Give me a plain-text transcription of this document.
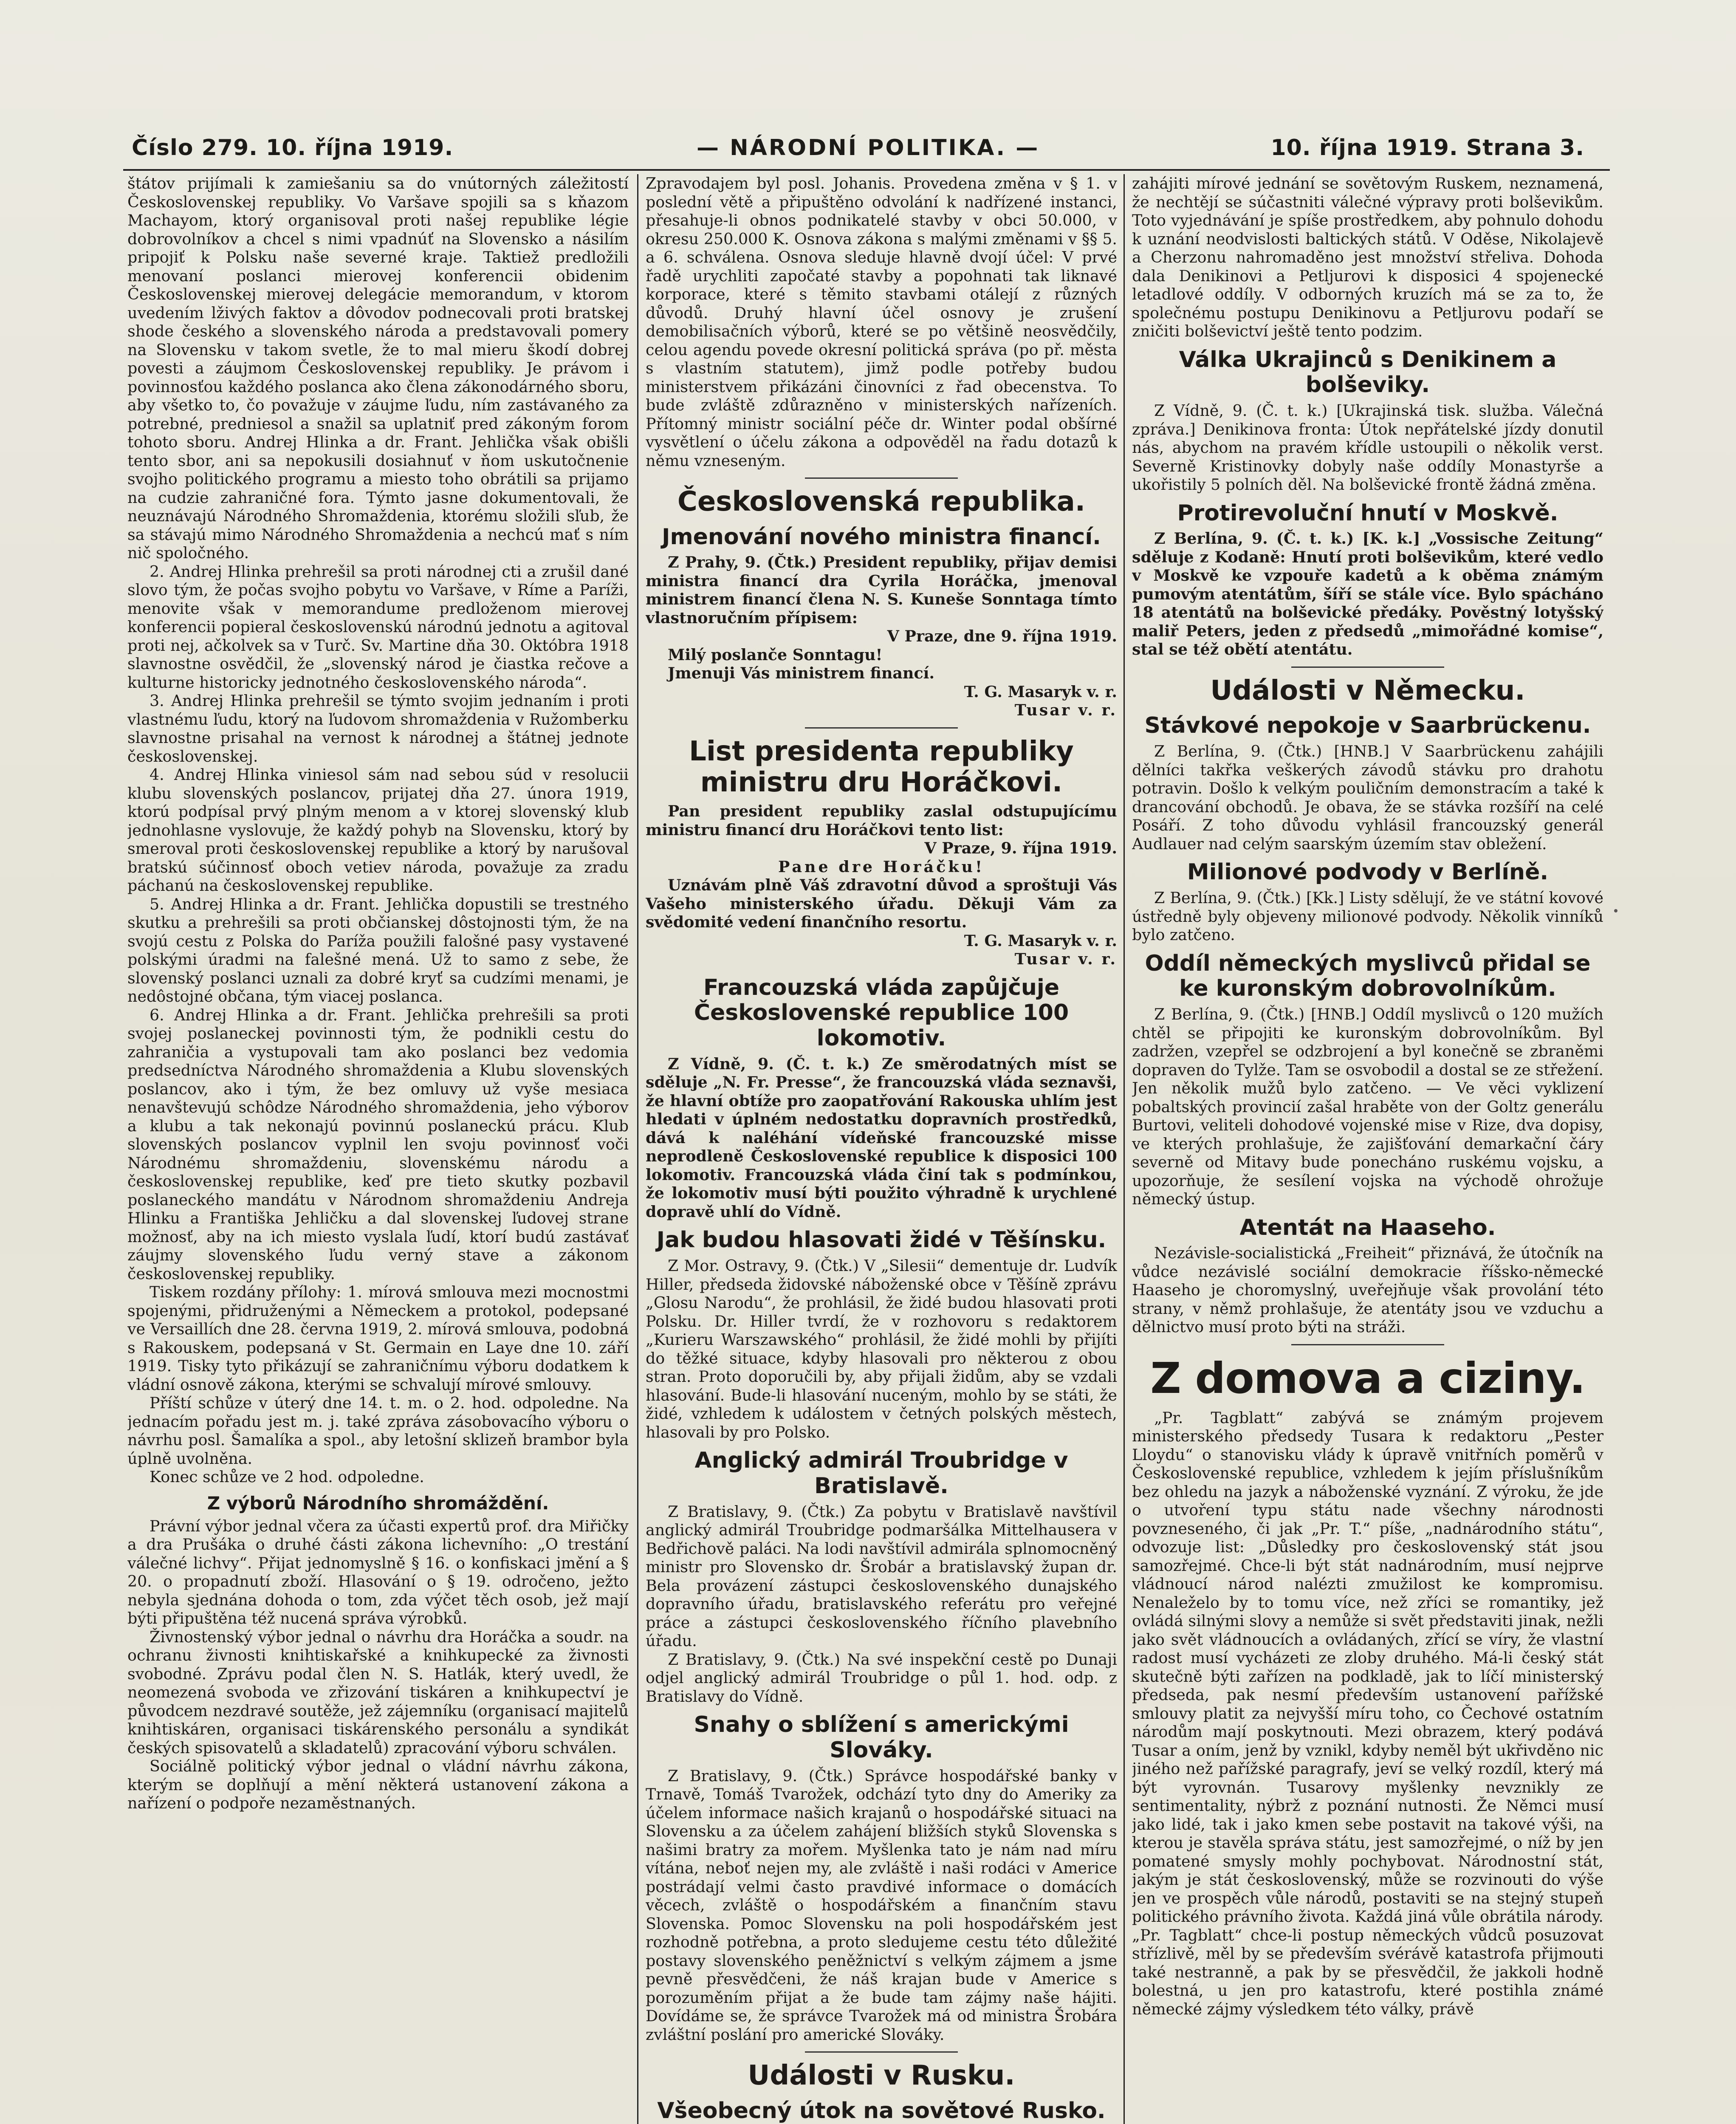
Číslo 279. 10. října 1919.	— NÁRODNÍ POLITIKA. —	10. října 1919. Strana 3.

štátov prijímali k zamiešaniu sa do vnútorných záležitostí Československej republiky. Vo Varšave spojili sa s kňazom Machayom, ktorý organisoval proti našej republike légie dobrovolníkov a chcel s nimi vpadnúť na Slovensko a násilím pripojiť k Polsku naše severné kraje. Taktiež predložili menovaní poslanci mierovej konferencii obidenim Československej mierovej delegácie memorandum, v ktorom uvedením lživých faktov a dôvodov podnecovali proti bratskej shode českého a slovenského národa a predstavovali pomery na Slovensku v takom svetle, že to mal mieru škodí dobrej povesti a záujmom Československej republiky. Je právom i povinnosťou každého poslanca ako člena zákonodárného sboru, aby všetko to, čo považuje v záujme ľudu, ním zastávaného za potrebné, predniesol a snažil sa uplatniť pred zákoným forom tohoto sboru. Andrej Hlinka a dr. Frant. Jehlička však obišli tento sbor, ani sa nepokusili dosiahnuť v ňom uskutočnenie svojho politického programu a miesto toho obrátili sa prijamo na cudzie zahraničné fora. Týmto jasne dokumentovali, že neuznávajú Národného Shromaždenia, ktorému složili sľub, že sa stávajú mimo Národného Shromaždenia a nechcú mať s ním nič spoločného.

2. Andrej Hlinka prehrešil sa proti národnej cti a zrušil dané slovo tým, že počas svojho pobytu vo Varšave, v Ríme a Paríži, menovite však v memorandume predloženom mierovej konferencii popieral československú národnú jednotu a agitoval proti nej, ačkolvek sa v Turč. Sv. Martine dňa 30. Októbra 1918 slavnostne osvědčil, že „slovenský národ je čiastka rečove a kulturne historicky jednotného československého národa“.

3. Andrej Hlinka prehrešil se týmto svojim jednaním i proti vlastnému ľudu, ktorý na ľudovom shromaždenia v Ružomberku slavnostne prisahal na vernost k národnej a štátnej jednote československej.

4. Andrej Hlinka viniesol sám nad sebou súd v resolucii klubu slovenských poslancov, prijatej dňa 27. února 1919, ktorú podpísal prvý plným menom a v ktorej slovenský klub jednohlasne vyslovuje, že každý pohyb na Slovensku, ktorý by smeroval proti československej republike a ktorý by narušoval bratskú súčinnosť oboch vetiev národa, považuje za zradu páchanú na československej republike.

5. Andrej Hlinka a dr. Frant. Jehlička dopustili se trestného skutku a prehrešili sa proti občianskej dôstojnosti tým, že na svojú cestu z Polska do Paríža použili falošné pasy vystavené polskými úradmi na falešné mená. Už to samo z sebe, že slovenský poslanci uznali za dobré kryť sa cudzími menami, je nedôstojné občana, tým viacej poslanca.

6. Andrej Hlinka a dr. Frant. Jehlička prehrešili sa proti svojej poslaneckej povinnosti tým, že podnikli cestu do zahraničia a vystupovali tam ako poslanci bez vedomia predsedníctva Národného shromaždenia a Klubu slovenských poslancov, ako i tým, že bez omluvy už vyše mesiaca nenavštevujú schôdze Národného shromaždenia, jeho výborov a klubu a tak nekonajú povinnú poslaneckú prácu. Klub slovenských poslancov vyplnil len svoju povinnosť voči Národnému shromaždeniu, slovenskému národu a československej republike, keď pre tieto skutky pozbavil poslaneckého mandátu v Národnom shromaždeniu Andreja Hlinku a Františka Jehličku a dal slovenskej ľudovej strane možnosť, aby na ich miesto vyslala ľudí, ktorí budú zastávať záujmy slovenského ľudu verný stave a zákonom československej republiky.

Tiskem rozdány přílohy: 1. mírová smlouva mezi mocnostmi spojenými, přidruženými a Německem a protokol, podepsané ve Versaillích dne 28. června 1919, 2. mírová smlouva, podobná s Rakouskem, podepsaná v St. Germain en Laye dne 10. září 1919. Tisky tyto přikázují se zahraničnímu výboru dodatkem k vládní osnově zákona, kterými se schvalují mírové smlouvy.

Příští schůze v úterý dne 14. t. m. o 2. hod. odpoledne. Na jednacím pořadu jest m. j. také zpráva zásobovacího výboru o návrhu posl. Šamalíka a spol., aby letošní sklizeň brambor byla úplně uvolněna.

Konec schůze ve 2 hod. odpoledne.

Z výborů Národního shromáždění.

Právní výbor jednal včera za účasti expertů prof. dra Miřičky a dra Prušáka o druhé části zákona lichevního: „O trestání válečné lichvy“. Přijat jednomyslně § 16. o konfiskaci jmění a § 20. o propadnutí zboží. Hlasování o § 19. odročeno, ježto nebyla sjednána dohoda o tom, zda výčet těch osob, jež mají býti připuštěna též nucená správa výrobků.

Živnostenský výbor jednal o návrhu dra Horáčka a soudr. na ochranu živnosti knihtiskařské a knihkupecké za živnosti svobodné. Zprávu podal člen N. S. Hatlák, který uvedl, že neomezená svoboda ve zřizování tiskáren a knihkupectví je původcem nezdravé soutěže, jež zájemníku (organisací majitelů knihtiskáren, organisaci tiskárenského personálu a syndikát českých spisovatelů a skladatelů) zpracování výboru schválen.

Sociálně politický výbor jednal o vládní návrhu zákona, kterým se doplňují a mění některá ustanovení zákona a nařízení o podpoře nezaměstnaných.

Zpravodajem byl posl. Johanis. Provedena změna v § 1. v poslední větě a připuštěno odvolání k nadřízené instanci, přesahuje-li obnos podnikatelé stavby v obci 50.000, v okresu 250.000 K. Osnova zákona s malými změnami v §§ 5. a 6. schválena. Osnova sleduje hlavně dvojí účel: V prvé řadě urychliti započaté stavby a popohnati tak liknavé korporace, které s těmito stavbami otálejí z různých důvodů. Druhý hlavní účel osnovy je zrušení demobilisačních výborů, které se po většině neosvědčily, celou agendu povede okresní politická správa (po př. města s vlastním statutem), jimž podle potřeby budou ministerstvem přikázáni činovníci z řad obecenstva. To bude zvláště zdůrazněno v ministerských nařízeních. Přítomný ministr sociální péče dr. Winter podal obšírné vysvětlení o účelu zákona a odpověděl na řadu dotazů k němu vzneseným.

Československá republika.
Jmenování nového ministra financí.

Z Prahy, 9. (Čtk.) President republiky, přijav demisi ministra financí dra Cyrila Horáčka, jmenoval ministrem financí člena N. S. Kuneše Sonntaga tímto vlastnoručním přípisem:

V Praze, dne 9. října 1919.

Milý poslanče Sonntagu!

Jmenuji Vás ministrem financí.

T. G. Masaryk v. r.

Tusar v. r.

List presidenta republiky ministru dru Horáčkovi.

Pan president republiky zaslal odstupujícímu ministru financí dru Horáčkovi tento list:

V Praze, 9. října 1919.

Pane dre Horáčku!

Uznávám plně Váš zdravotní důvod a sproštuji Vás Vašeho ministerského úřadu. Děkuji Vám za svědomité vedení finančního resortu.

T. G. Masaryk v. r.

Tusar v. r.

Francouzská vláda zapůjčuje Československé republice 100 lokomotiv.

Z Vídně, 9. (Č. t. k.) Ze směrodatných míst se sděluje „N. Fr. Presse“, že francouzská vláda seznavši, že hlavní obtíže pro zaopatřování Rakouska uhlím jest hledati v úplném nedostatku dopravních prostředků, dává k naléhání vídeňské francouzské misse neprodleně Československé republice k disposici 100 lokomotiv. Francouzská vláda činí tak s podmínkou, že lokomotiv musí býti použito výhradně k urychlené dopravě uhlí do Vídně.

Jak budou hlasovati židé v Těšínsku.

Z Mor. Ostravy, 9. (Čtk.) V „Silesii“ dementuje dr. Ludvík Hiller, předseda židovské náboženské obce v Těšíně zprávu „Glosu Narodu“, že prohlásil, že židé budou hlasovati proti Polsku. Dr. Hiller tvrdí, že v rozhovoru s redaktorem „Kurieru Warszawského“ prohlásil, že židé mohli by přijíti do těžké situace, kdyby hlasovali pro některou z obou stran. Proto doporučili by, aby přijali židům, aby se vzdali hlasování. Bude-li hlasování nuceným, mohlo by se státi, že židé, vzhledem k událostem v četných polských městech, hlasovali by pro Polsko.

Anglický admirál Troubridge v Bratislavě.

Z Bratislavy, 9. (Čtk.) Za pobytu v Bratislavě navštívil anglický admirál Troubridge podmaršálka Mittelhausera v Bedřichově paláci. Na lodi navštívil admirála splnomocněný ministr pro Slovensko dr. Šrobár a bratislavský župan dr. Bela provázení zástupci československého dunajského dopravního úřadu, bratislavského referátu pro veřejné práce a zástupci československého říčního plavebního úřadu.

Z Bratislavy, 9. (Čtk.) Na své inspekční cestě po Dunaji odjel anglický admirál Troubridge o půl 1. hod. odp. z Bratislavy do Vídně.

Snahy o sblížení s americkými Slováky.

Z Bratislavy, 9. (Čtk.) Správce hospodářské banky v Trnavě, Tomáš Tvarožek, odchází tyto dny do Ameriky za účelem informace našich krajanů o hospodářské situaci na Slovensku a za účelem zahájení bližších styků Slovenska s našimi bratry za mořem. Myšlenka tato je nám nad míru vítána, neboť nejen my, ale zvláště i naši rodáci v Americe postrádají velmi často pravdivé informace o domácích věcech, zvláště o hospodářském a finančním stavu Slovenska. Pomoc Slovensku na poli hospodářském jest rozhodně potřebna, a proto sledujeme cestu této důležité postavy slovenského peněžnictví s velkým zájmem a jsme pevně přesvědčeni, že náš krajan bude v Americe s porozuměním přijat a že bude tam zájmy naše hájiti. Dovídáme se, že správce Tvarožek má od ministra Šrobára zvláštní poslání pro americké Slováky.

Události v Rusku.
Všeobecný útok na sovětové Rusko.

zahájiti mírové jednání se sovětovým Ruskem, neznamená, že nechtějí se súčastniti válečné výpravy proti bolševikům. Toto vyjednávání je spíše prostředkem, aby pohnulo dohodu k uznání neodvislosti baltických států. V Oděse, Nikolajevě a Cherzonu nahromaděno jest množství střeliva. Dohoda dala Denikinovi a Petljurovi k disposici 4 spojenecké letadlové oddíly. V odborných kruzích má se za to, že společnému postupu Denikinovu a Petljurovu podaří se zničiti bolševictví ještě tento podzim.

Válka Ukrajinců s Denikinem a bolševiky.

Z Vídně, 9. (Č. t. k.) [Ukrajinská tisk. služba. Válečná zpráva.] Denikinova fronta: Útok nepřátelské jízdy donutil nás, abychom na pravém křídle ustoupili o několik verst. Severně Kristinovky dobyly naše oddíly Monastyrše a ukořistily 5 polních děl. Na bolševické frontě žádná změna.

Protirevoluční hnutí v Moskvě.

Z Berlína, 9. (Č. t. k.) [K. k.] „Vossische Zeitung“ sděluje z Kodaně: Hnutí proti bolševikům, které vedlo v Moskvě ke vzpouře kadetů a k oběma známým pumovým atentátům, šíří se stále více. Bylo spácháno 18 atentátů na bolševické předáky. Pověstný lotyšský maliř Peters, jeden z předsedů „mimořádné komise“, stal se též obětí atentátu.

Události v Německu.
Stávkové nepokoje v Saarbrückenu.

Z Berlína, 9. (Čtk.) [HNB.] V Saarbrückenu zahájili dělníci takřka veškerých závodů stávku pro drahotu potravin. Došlo k velkým pouličním demonstracím a také k drancování obchodů. Je obava, že se stávka rozšíří na celé Posáří. Z toho důvodu vyhlásil francouzský generál Audlauer nad celým saarským územím stav obležení.

Milionové podvody v Berlíně.

Z Berlína, 9. (Čtk.) [Kk.] Listy sdělují, že ve státní kovové ústředně byly objeveny milionové podvody. Několik vinníků bylo zatčeno.

Oddíl německých myslivců přidal se ke kuronským dobrovolníkům.

Z Berlína, 9. (Čtk.) [HNB.] Oddíl myslivců o 120 mužích chtěl se připojiti ke kuronským dobrovolníkům. Byl zadržen, vzepřel se odzbrojení a byl konečně se zbraněmi dopraven do Tylže. Tam se osvobodil a dostal se ze střežení. Jen několik mužů bylo zatčeno. — Ve věci vyklizení pobaltských provincií zašal hraběte von der Goltz generálu Burtovi, veliteli dohodové vojenské mise v Rize, dva dopisy, ve kterých prohlašuje, že zajišťování demarkační čáry severně od Mitavy bude ponecháno ruskému vojsku, a upozorňuje, že sesílení vojska na východě ohrožuje německý ústup.

Atentát na Haaseho.

Nezávisle-socialistická „Freiheit“ přiznává, že útočník na vůdce nezávislé sociální demokracie říšsko-německé Haaseho je choromyslný, uveřejňuje však provolání této strany, v němž prohlašuje, že atentáty jsou ve vzduchu a dělnictvo musí proto býti na stráži.

Z domova a ciziny.

„Pr. Tagblatt“ zabývá se známým projevem ministerského předsedy Tusara k redaktoru „Pester Lloydu“ o stanovisku vlády k úpravě vnitřních poměrů v Československé republice, vzhledem k jejím příslušníkům bez ohledu na jazyk a náboženské vyznání. Z výroku, že jde o utvoření typu státu nade všechny národnosti povzneseného, či jak „Pr. T.“ píše, „nadnárodního státu“, odvozuje list: „Důsledky pro československý stát jsou samozřejmé. Chce-li být stát nadnárodním, musí nejprve vládnoucí národ nalézti zmužilost ke kompromisu. Nenaleželo by to tomu více, než zříci se romantiky, jež ovládá silnými slovy a nemůže si svět představiti jinak, nežli jako svět vládnoucích a ovládaných, zřící se víry, že vlastní radost musí vycházeti ze zloby druhého. Má-li český stát skutečně býti zařízen na podkladě, jak to líčí ministerský předseda, pak nesmí především ustanovení pařížské smlouvy platit za nejvyšší míru toho, co Čechové ostatním národům mají poskytnouti. Mezi obrazem, který podává Tusar a oním, jenž by vznikl, kdyby neměl být ukřivděno nic jiného než pařížské paragrafy, jeví se velký rozdíl, který má být vyrovnán. Tusarovy myšlenky nevznikly ze sentimentality, nýbrž z poznání nutnosti. Že Němci musí jako lidé, tak i jako kmen sebe postavit na takové výši, na kterou je stavěla správa státu, jest samozřejmé, o níž by jen pomatené smysly mohly pochybovat. Národnostní stát, jakým je stát československý, může se rozvinouti do výše jen ve prospěch vůle národů, postaviti se na stejný stupeň politického právního života. Každá jiná vůle obrátila národy. „Pr. Tagblatt“ chce-li postup německých vůdců posuzovat střízlivě, měl by se především svérávě katastrofa přijmouti také nestranně, a pak by se přesvědčil, že jakkoli hodně bolestná, u jen pro katastrofu, které postihla známé německé zájmy výsledkem této války, právě
